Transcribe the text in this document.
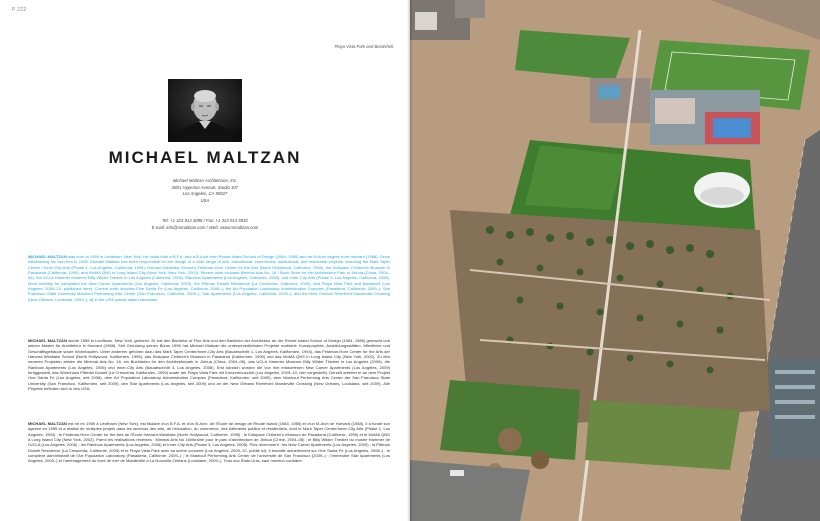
P 222
Playa Vista Park and Bandshell.
MICHAEL MALTZAN
Michael Maltzan Architecture, Inc.
2801 Hyperion Avenue, Studio 107
Los Angeles, CA 90027
USA
Tel: +1 323 913 3098 / Fax: +1 323 913 5932
E-mail: info@mmaltzan.com / Web: www.mmaltzan.com
MICHAEL MALTZAN was born in 1959 in Levittown, New York. He holds both a B.F.A. and a B.Arch from Rhode Island School of Design (1984, 1985) and an M.Arch degree from Harvard (1988). Since establishing his own firm in 1995, Michael Maltzan has been responsible for the design of a wide range of arts, educational, commercial, institutional, and residential projects, including the Mark Taper Center / Inner-City Arts (Phase 1, Los Angeles, California, 1994), Harvard-Westlake School's Feldman-Horn Center for the Arts (North Hollywood, California, 1995), the Kidspace Children's Museum in Pasadena (California, 1999), and MoMA QNS in Long Island City (New York, New York, 2002). Recent work includes Minimal Arts No. 16 / Book Store for the Architecture Park in Jinhua (China, 2004–06), the UCLA Hammer Museum Billy Wilder Theater in Los Angeles (California, 2006), Rainbow Apartments (Los Angeles, California, 2006), and Inner-City Arts (Phase 3, Los Angeles, California, 2008). More recently he completed the New Carver Apartments (Los Angeles, California, 2009), the Pittman Dowell Residence (La Crescenta, California, 2009), and Playa Vista Park and Bandshell (Los Angeles, 2009–10, published here). Current work includes Fine Santa Fe (Los Angeles, California, 2008–); the Art Population Laboratory Administration Complex (Pasadena, California, 2009–); San Francisco State University Mashouf Performing Arts Center (San Francisco, California, 2009–); Star Apartments (Los Angeles, California, 2009–); and the New Orleans Riverfront Mandeville Crossing (New Orleans, Louisiana, 2009–), all in the USA unless stated otherwise.
MICHAEL MALTZAN wurde 1959 in Levittown, New York, geboren. Er hat den Bachelor of Fine Arts und den Bachelor der Architektur an der Rhode Island School of Design (1984, 1985) gemacht und seinen Master für Architektur in Harvard (1988). Seit Gründung seines Büros 1995 hat Michael Maltzan die unterschiedlichsten Projekte realisiert: Kunstprojekte, Ausbildungsstätten, öffentliche und Geschäftsgebäude sowie Wohnbauten. Unter anderem gehören dazu das Mark Taper Center/Inner-City Arts (Bauabschnitt 1, Los Angeles, Kalifornien, 1994), das Feldman-Horn Center for the Arts der Harvard-Westlake School (North Hollywood, Kalifornien, 1995), das Kidspace Children's Museum in Pasadena (Kalifornien, 1999) und das MoMA QNS in Long Island City (New York, 2002). Zu den neueren Projekten zählen die Minimal Arts No. 16, ein Buchladen für den Architekturpark in Jinhua (China, 2004–06), das UCLA Hammer Museum Billy Wilder Theater in Los Angeles (2006), die Rainbow Apartments (Los Angeles, 2006) und Inner-City Arts (Bauabschnitt 3, Los Angeles, 2008). Erst kürzlich wurden die von ihm entworfenen New Carver Apartments (Los Angeles, 2009) fertiggestellt, das Wohnhaus Pittman Dowell (La Crescenta, Kalifornien, 2009) sowie der Playa Vista Park mit Konzertmuschel (Los Angeles, 2009–10, hier vorgestellt). Derzeit arbeitet er an dem Projekt One Santa Fe (Los Angeles, seit 2008), dem Art Population Laboratory Administration Complex (Pasadena, Kalifornien, seit 2009), dem Mashouf Performing Arts Center der San Francisco State University (San Francisco, Kalifornien, seit 2009), den Star Apartments (Los Angeles, seit 2009) und an der New Orleans Riverfront Mandeville Crossing (New Orleans, Louisiana, seit 2009). Alle Projekte befinden sich in den USA.
MICHAEL MALTZAN est né en 1959 à Levittown (New York), est titulaire d'un B.F.A. et d'un B.Arch. de l'École de design de Rhode Island (1984, 1985) et d'un M.Arch de Harvard (1988). Il a fondé son agence en 1995 et a réalisé de multiples projets dans les secteurs des arts, de l'éducation, du commerce, des bâtiments publics et résidentiels, dont le Mark Taper Center/Inner-City Arts (Phase 1, Los Angeles, 1994) ; le Feldman-Horn Center for the Arts de l'École Harvard-Westlake (North Hollywood, Californie, 1995) ; le Kidspace Children's Museum de Pasadena (Californie, 1999) et le MoMA QNS à Long Island City (New York, 2002). Parmi les réalisations récentes : Minimal Arts No 16/librairie pour le parc d'architecture de Jinhua (Chine, 2004–06) ; le Billy Wilder Theater du musée Hammer de l'UCLA (Los Angeles, 2006) ; les Rainbow Apartments (Los Angeles, 2006) et Inner-City Arts (Phase 3, Los Angeles, 2008). Plus récemment : les New Carver Apartments (Los Angeles, 2009) ; la Pittman Dowell Residence (La Crescenta, Californie, 2009) et le Playa Vista Park avec sa scène couverte (Los Angeles, 2009–10, publié ici). Il travaille actuellement sur One Santa Fe (Los Angeles, 2008–) ; le complexe administratif de l'Art Population Laboratory (Pasadena, Californie, 2009–) ; le Mashouf Performing Arts Center de l'université de San Francisco (2009–) ; l'immeuble Star Apartments (Los Angeles, 2009–) et l'aménagement du front de mer de Mandeville à La Nouvelle-Orléans (Louisiane, 2009–). Tous aux États-Unis, sauf mention contraire.
